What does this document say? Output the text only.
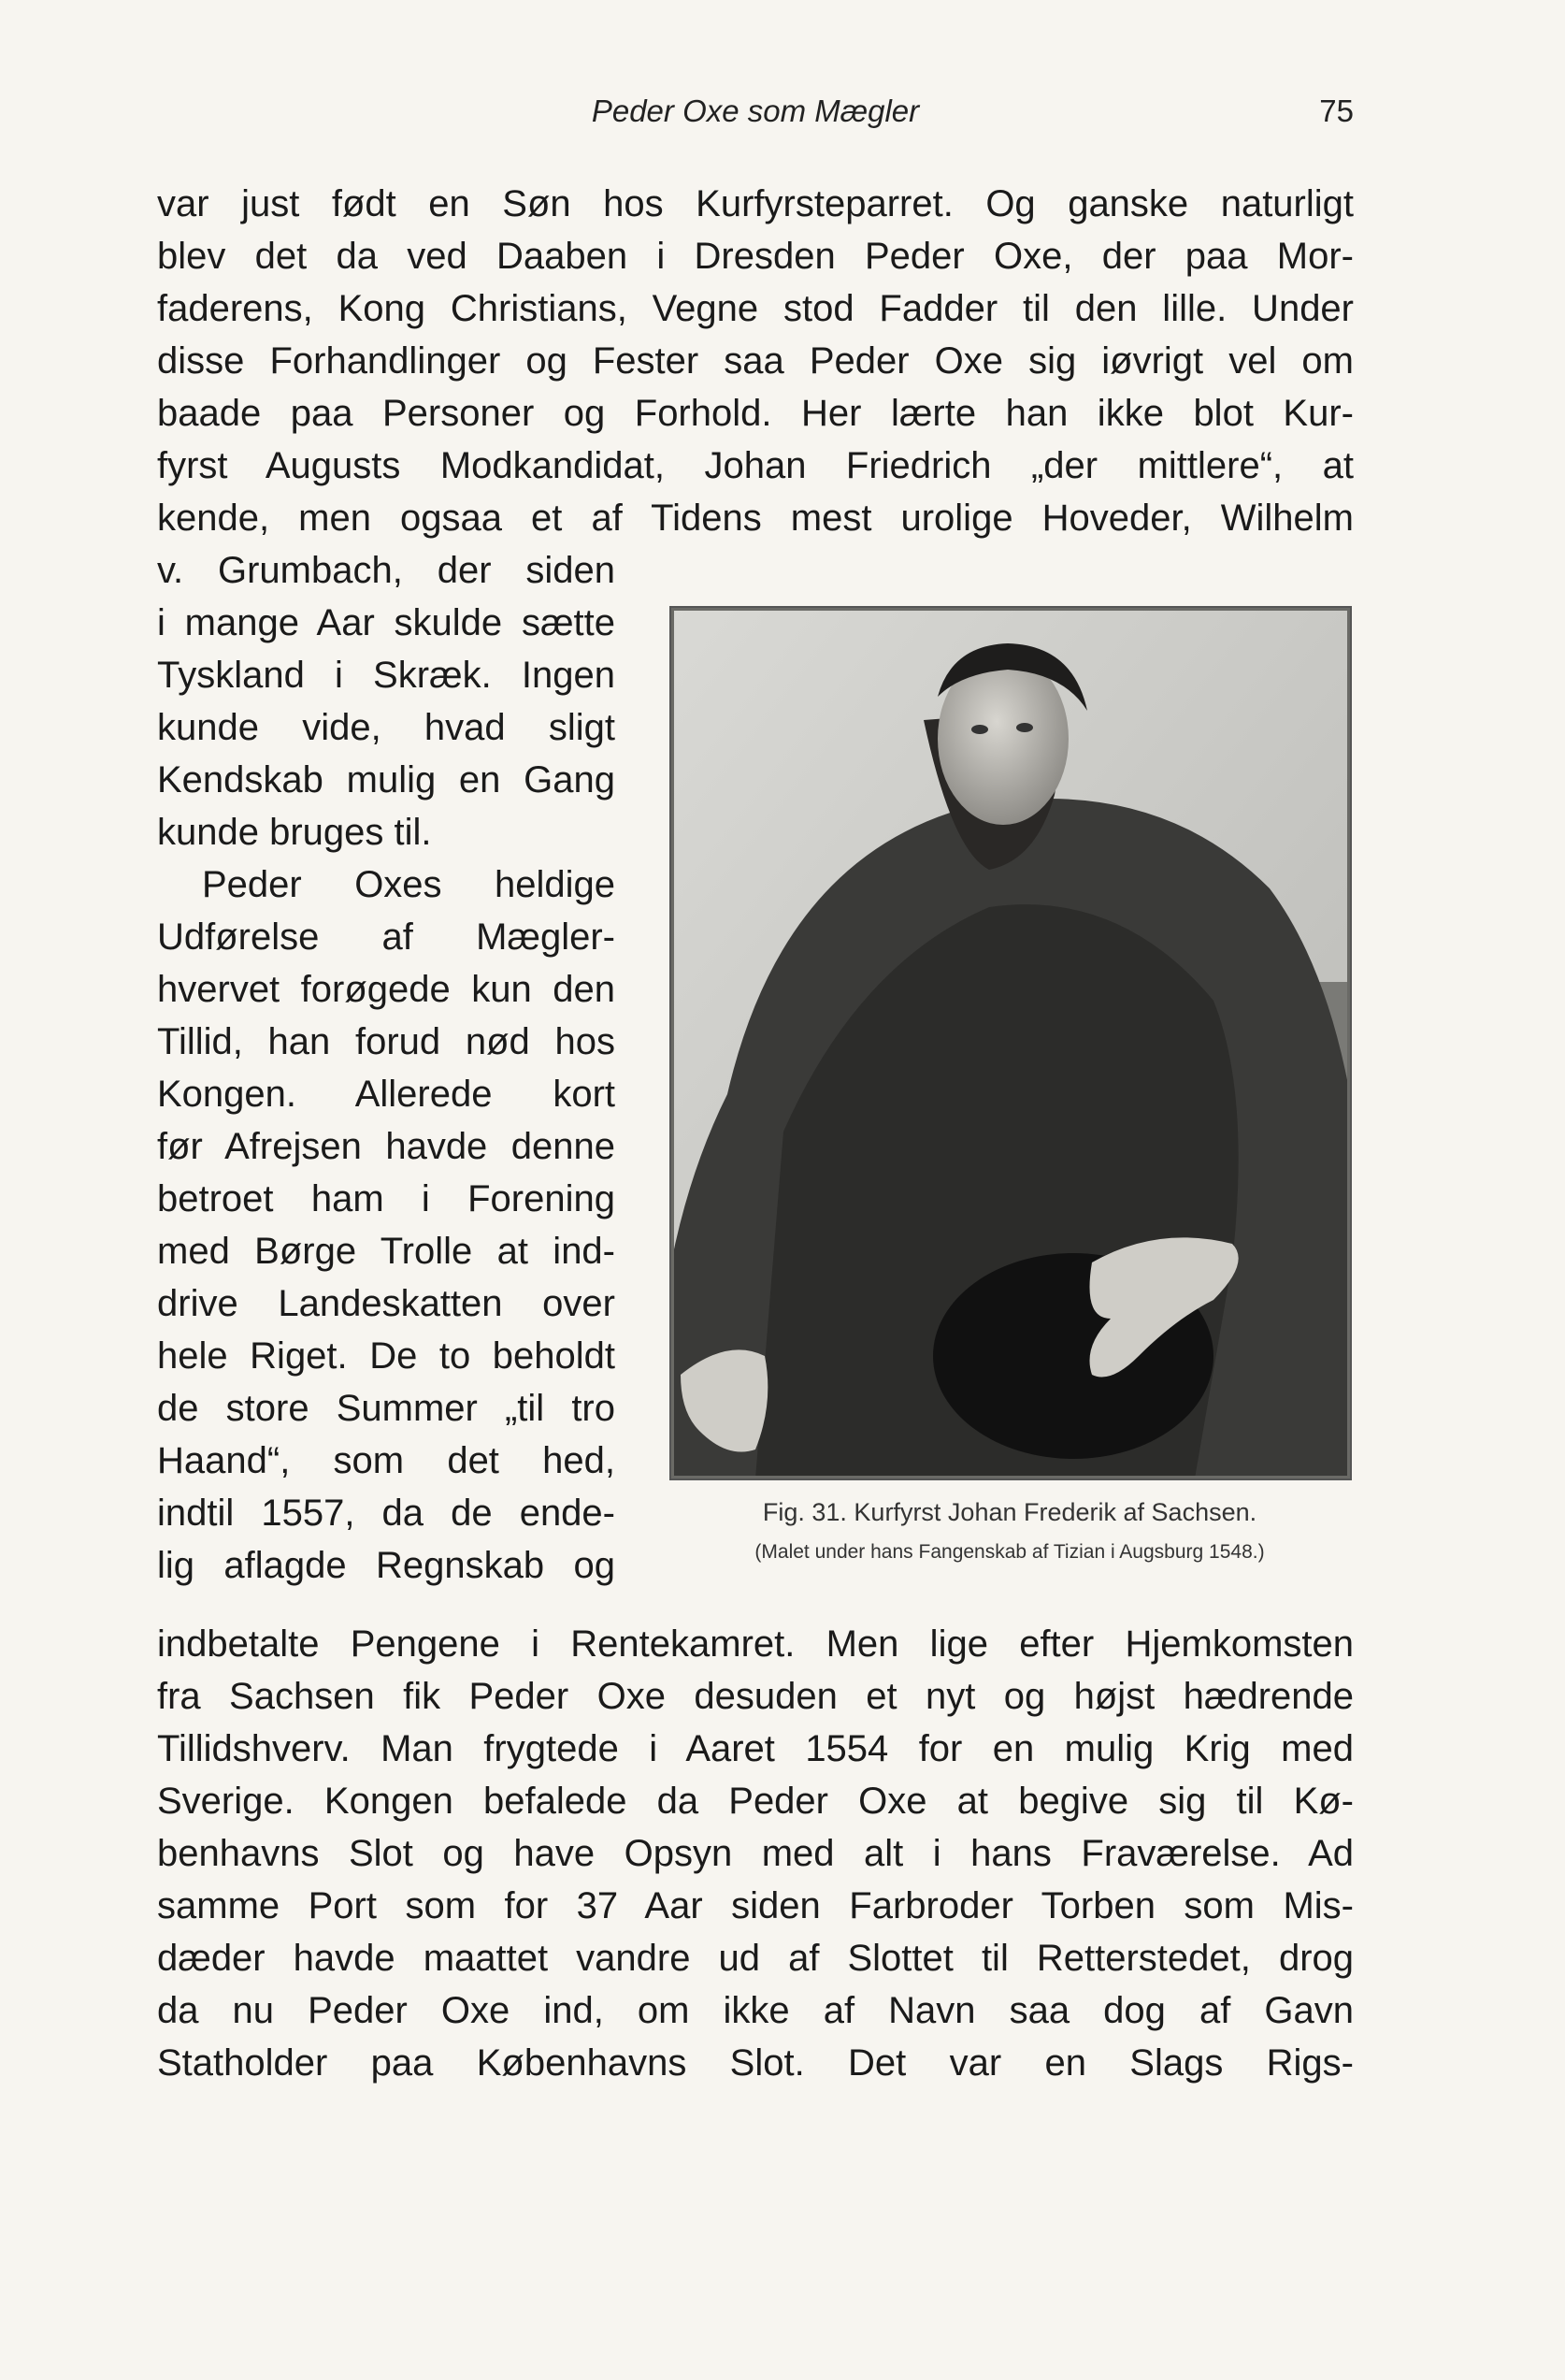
Peder Oxe som Mægler	75
var just født en Søn hos Kurfyrsteparret. Og ganske naturligt
blev det da ved Daaben i Dresden Peder Oxe, der paa Mor-
faderens, Kong Christians, Vegne stod Fadder til den lille. Under
disse Forhandlinger og Fester saa Peder Oxe sig iøvrigt vel om
baade paa Personer og Forhold. Her lærte han ikke blot Kur-
fyrst Augusts Modkandidat, Johan Friedrich „der mittlere“, at
kende, men ogsaa et af Tidens mest urolige Hoveder, Wilhelm
v. Grumbach, der siden
i mange Aar skulde sætte
Tyskland i Skræk. Ingen
kunde vide, hvad sligt
Kendskab mulig en Gang
kunde bruges til.
Peder Oxes heldige
Udførelse af Mægler-
hvervet forøgede kun den
Tillid, han forud nød hos
Kongen. Allerede kort
før Afrejsen havde denne
betroet ham i Forening
med Børge Trolle at ind-
drive Landeskatten over
hele Riget. De to beholdt
de store Summer „til tro
Haand“, som det hed,
indtil 1557, da de ende-
lig aflagde Regnskab og
indbetalte Pengene i Rentekamret. Men lige efter Hjemkomsten
fra Sachsen fik Peder Oxe desuden et nyt og højst hædrende
Tillidshverv. Man frygtede i Aaret 1554 for en mulig Krig med
Sverige. Kongen befalede da Peder Oxe at begive sig til Kø-
benhavns Slot og have Opsyn med alt i hans Fraværelse. Ad
samme Port som for 37 Aar siden Farbroder Torben som Mis-
dæder havde maattet vandre ud af Slottet til Retterstedet, drog
da nu Peder Oxe ind, om ikke af Navn saa dog af Gavn
Statholder paa Københavns Slot. Det var en Slags Rigs-
Fig. 31. Kurfyrst Johan Frederik af Sachsen.
(Malet under hans Fangenskab af Tizian i Augsburg 1548.)
